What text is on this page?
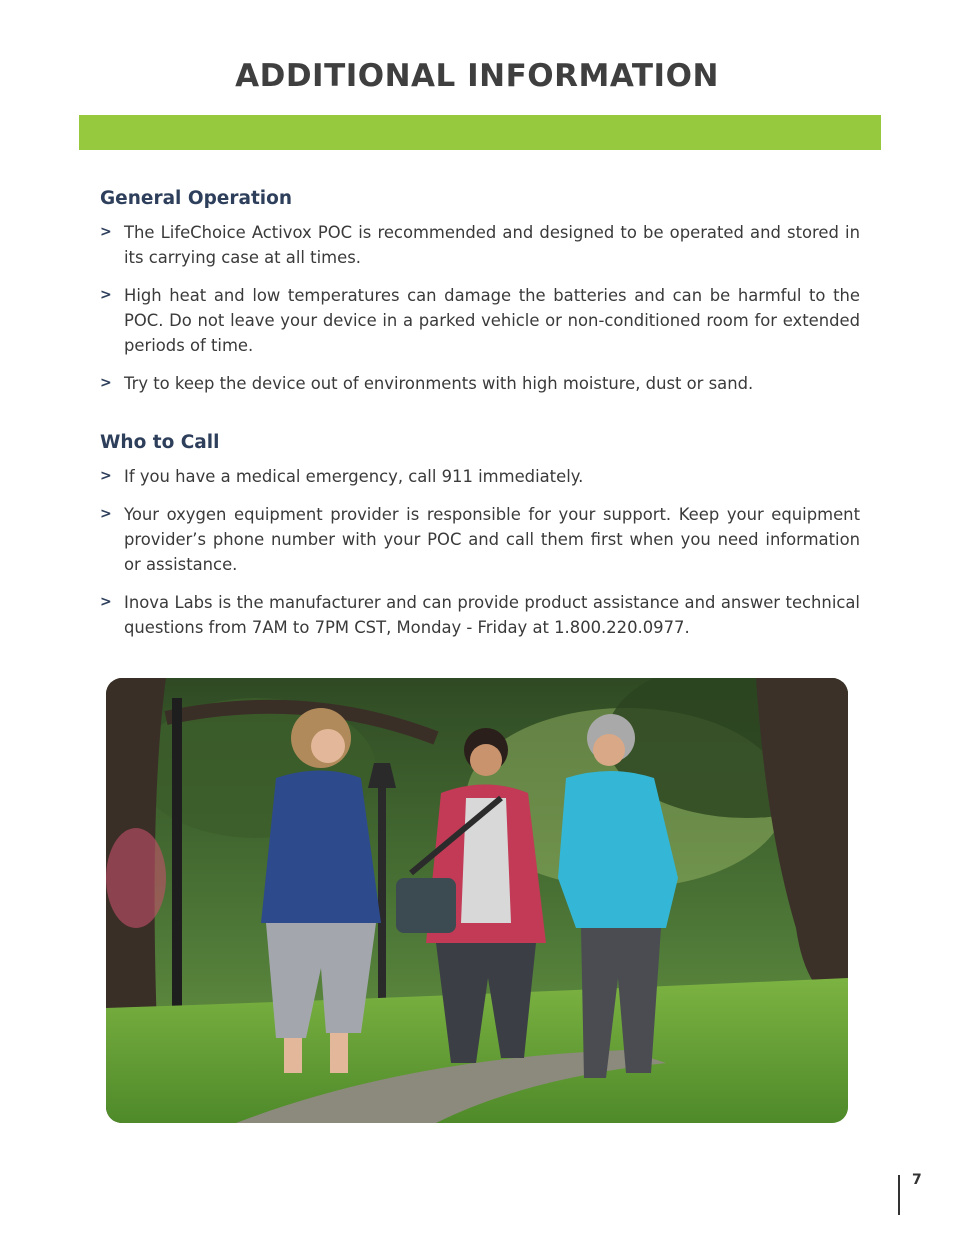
ADDITIONAL INFORMATION
General Operation
> The LifeChoice Activox POC is recommended and designed to be operated and stored in its carrying case at all times.
> High heat and low temperatures can damage the batteries and can be harmful to the POC. Do not leave your device in a parked vehicle or non-conditioned room for extended periods of time.
> Try to keep the device out of environments with high moisture, dust or sand.
Who to Call
> If you have a medical emergency, call 911 immediately.
> Your oxygen equipment provider is responsible for your support. Keep your equipment provider’s phone number with your POC and call them first when you need information or assistance.
> Inova Labs is the manufacturer and can provide product assistance and answer technical questions from 7AM to 7PM CST, Monday - Friday at 1.800.220.0977.
7
